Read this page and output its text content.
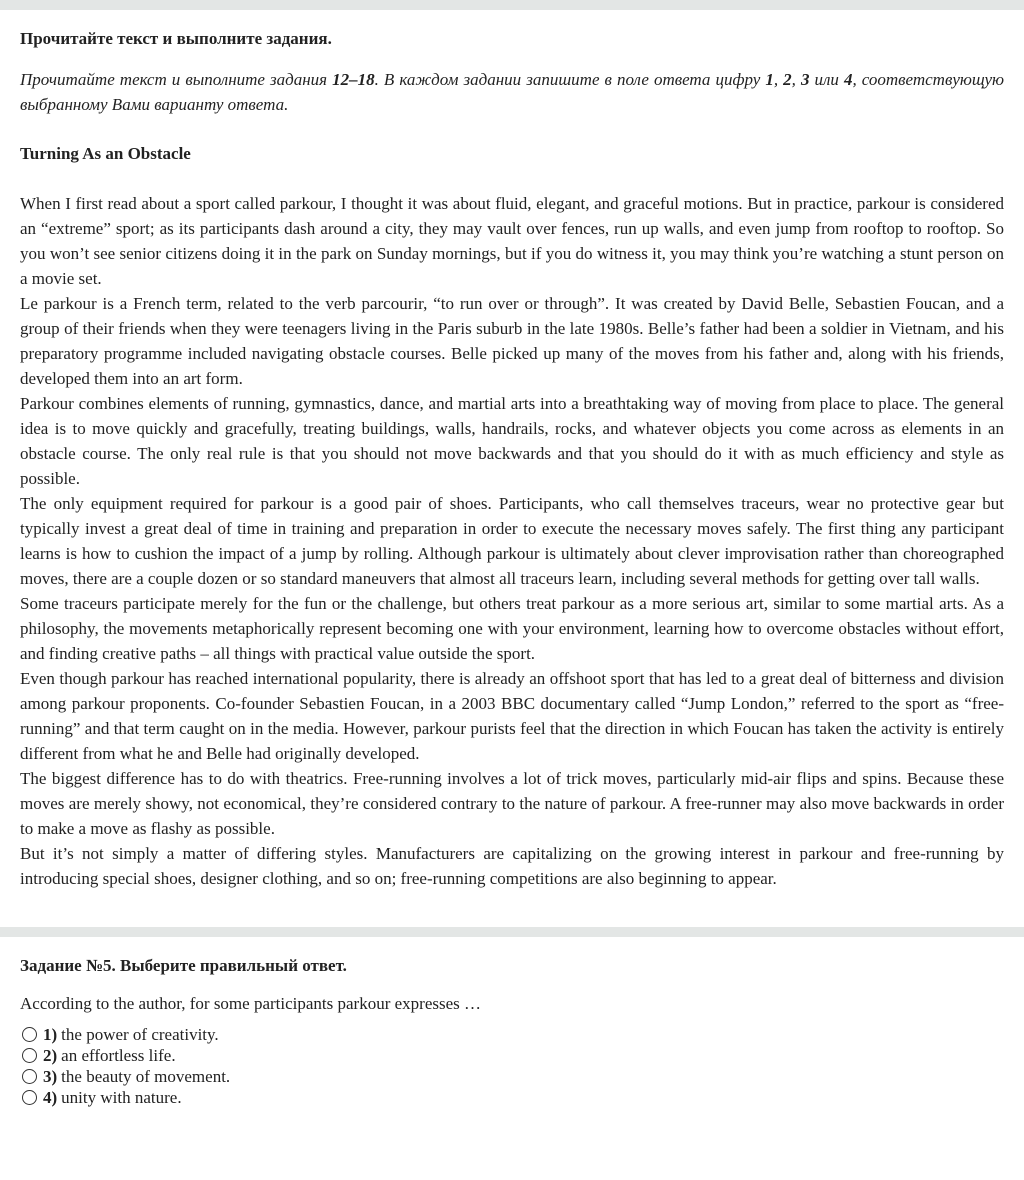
Прочитайте текст и выполните задания.
Прочитайте текст и выполните задания 12–18. В каждом задании запишите в поле ответа цифру 1, 2, 3 или 4, соответствующую выбранному Вами варианту ответа.
Turning As an Obstacle

When I first read about a sport called parkour, I thought it was about fluid, elegant, and graceful motions. But in practice, parkour is considered an “extreme” sport; as its participants dash around a city, they may vault over fences, run up walls, and even jump from rooftop to rooftop. So you won’t see senior citizens doing it in the park on Sunday mornings, but if you do witness it, you may think you’re watching a stunt person on a movie set.

Le parkour is a French term, related to the verb parcourir, “to run over or through”. It was created by David Belle, Sebastien Foucan, and a group of their friends when they were teenagers living in the Paris suburb in the late 1980s. Belle’s father had been a soldier in Vietnam, and his preparatory programme included navigating obstacle courses. Belle picked up many of the moves from his father and, along with his friends, developed them into an art form.

Parkour combines elements of running, gymnastics, dance, and martial arts into a breathtaking way of moving from place to place. The general idea is to move quickly and gracefully, treating buildings, walls, handrails, rocks, and whatever objects you come across as elements in an obstacle course. The only real rule is that you should not move backwards and that you should do it with as much efficiency and style as possible.

The only equipment required for parkour is a good pair of shoes. Participants, who call themselves traceurs, wear no protective gear but typically invest a great deal of time in training and preparation in order to execute the necessary moves safely. The first thing any participant learns is how to cushion the impact of a jump by rolling. Although parkour is ultimately about clever improvisation rather than choreographed moves, there are a couple dozen or so standard maneuvers that almost all traceurs learn, including several methods for getting over tall walls.

Some traceurs participate merely for the fun or the challenge, but others treat parkour as a more serious art, similar to some martial arts. As a philosophy, the movements metaphorically represent becoming one with your environment, learning how to overcome obstacles without effort, and finding creative paths – all things with practical value outside the sport.

Even though parkour has reached international popularity, there is already an offshoot sport that has led to a great deal of bitterness and division among parkour proponents. Co-founder Sebastien Foucan, in a 2003 BBC documentary called “Jump London,” referred to the sport as “free-running” and that term caught on in the media. However, parkour purists feel that the direction in which Foucan has taken the activity is entirely different from what he and Belle had originally developed.

The biggest difference has to do with theatrics. Free-running involves a lot of trick moves, particularly mid-air flips and spins. Because these moves are merely showy, not economical, they’re considered contrary to the nature of parkour. A free-runner may also move backwards in order to make a move as flashy as possible.

But it’s not simply a matter of differing styles. Manufacturers are capitalizing on the growing interest in parkour and free-running by introducing special shoes, designer clothing, and so on; free-running competitions are also beginning to appear.

Задание №5. Выберите правильный ответ.
According to the author, for some participants parkour expresses …
1) the power of creativity.
2) an effortless life.
3) the beauty of movement.
4) unity with nature.
